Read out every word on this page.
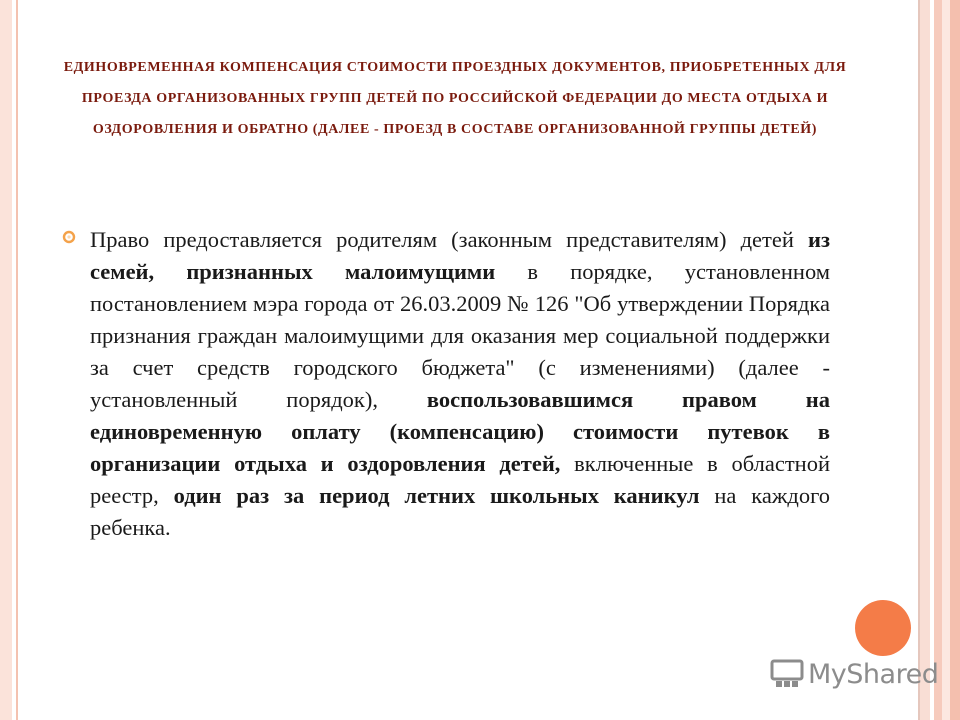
ЕДИНОВРЕМЕННАЯ КОМПЕНСАЦИЯ СТОИМОСТИ ПРОЕЗДНЫХ ДОКУМЕНТОВ, ПРИОБРЕТЕННЫХ ДЛЯ ПРОЕЗДА ОРГАНИЗОВАННЫХ ГРУПП ДЕТЕЙ ПО РОССИЙСКОЙ ФЕДЕРАЦИИ ДО МЕСТА ОТДЫХА И ОЗДОРОВЛЕНИЯ И ОБРАТНО (ДАЛЕЕ - ПРОЕЗД В СОСТАВЕ ОРГАНИЗОВАННОЙ ГРУППЫ ДЕТЕЙ)

Право предоставляется родителям (законным представителям) детей из семей, признанных малоимущими в порядке, установленном постановлением мэра города от 26.03.2009 № 126 "Об утверждении Порядка признания граждан малоимущими для оказания мер социальной поддержки за счет средств городского бюджета" (с изменениями) (далее - установленный порядок), воспользовавшимся правом на единовременную оплату (компенсацию) стоимости путевок в организации отдыха и оздоровления детей, включенные в областной реестр, один раз за период летних школьных каникул на каждого ребенка.

MyShared
